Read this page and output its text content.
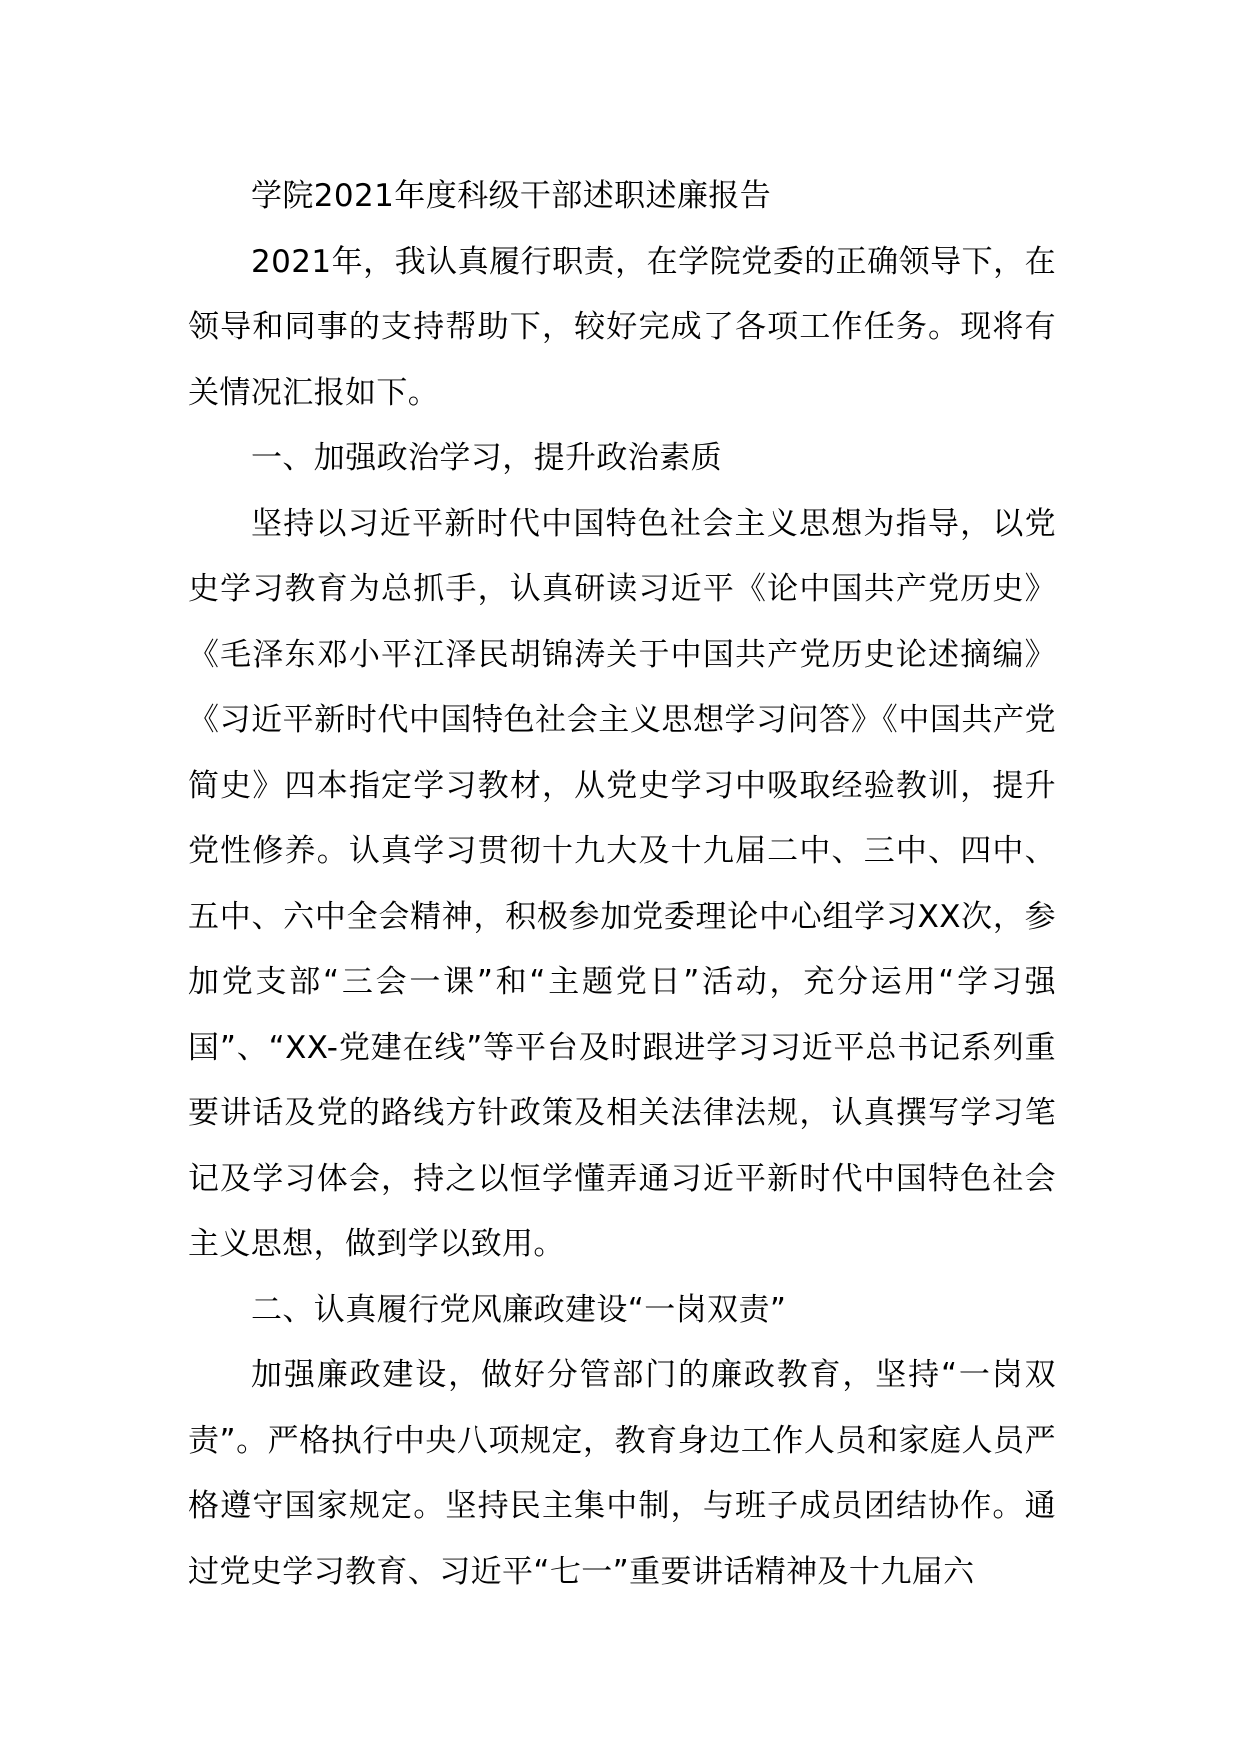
学院2021年度科级干部述职述廉报告

2021年，我认真履行职责，在学院党委的正确领导下，在领导和同事的支持帮助下，较好完成了各项工作任务。现将有关情况汇报如下。

一、加强政治学习，提升政治素质

坚持以习近平新时代中国特色社会主义思想为指导，以党史学习教育为总抓手，认真研读习近平《论中国共产党历史》《毛泽东邓小平江泽民胡锦涛关于中国共产党历史论述摘编》《习近平新时代中国特色社会主义思想学习问答》《中国共产党简史》四本指定学习教材，从党史学习中吸取经验教训，提升党性修养。认真学习贯彻十九大及十九届二中、三中、四中、五中、六中全会精神，积极参加党委理论中心组学习XX次，参加党支部“三会一课”和“主题党日”活动，充分运用“学习强国”、“XX-党建在线”等平台及时跟进学习习近平总书记系列重要讲话及党的路线方针政策及相关法律法规，认真撰写学习笔记及学习体会，持之以恒学懂弄通习近平新时代中国特色社会主义思想，做到学以致用。

二、认真履行党风廉政建设“一岗双责”

加强廉政建设，做好分管部门的廉政教育，坚持“一岗双责”。严格执行中央八项规定，教育身边工作人员和家庭人员严格遵守国家规定。坚持民主集中制，与班子成员团结协作。通过党史学习教育、习近平“七一”重要讲话精神及十九届六
